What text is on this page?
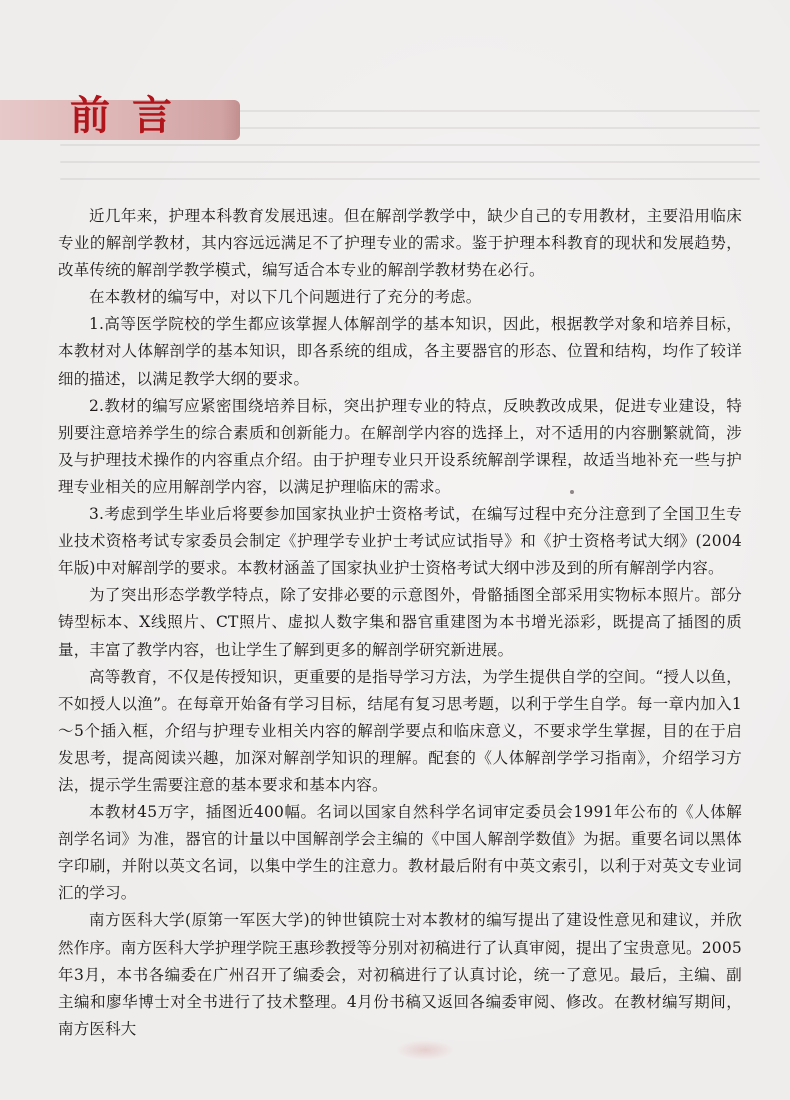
前言

近几年来，护理本科教育发展迅速。但在解剖学教学中，缺少自己的专用教材，主要沿用临床专业的解剖学教材，其内容远远满足不了护理专业的需求。鉴于护理本科教育的现状和发展趋势，改革传统的解剖学教学模式，编写适合本专业的解剖学教材势在必行。

在本教材的编写中，对以下几个问题进行了充分的考虑。

1.高等医学院校的学生都应该掌握人体解剖学的基本知识，因此，根据教学对象和培养目标，本教材对人体解剖学的基本知识，即各系统的组成，各主要器官的形态、位置和结构，均作了较详细的描述，以满足教学大纲的要求。

2.教材的编写应紧密围绕培养目标，突出护理专业的特点，反映教改成果，促进专业建设，特别要注意培养学生的综合素质和创新能力。在解剖学内容的选择上，对不适用的内容删繁就简，涉及与护理技术操作的内容重点介绍。由于护理专业只开设系统解剖学课程，故适当地补充一些与护理专业相关的应用解剖学内容，以满足护理临床的需求。

3.考虑到学生毕业后将要参加国家执业护士资格考试，在编写过程中充分注意到了全国卫生专业技术资格考试专家委员会制定《护理学专业护士考试应试指导》和《护士资格考试大纲》(2004年版)中对解剖学的要求。本教材涵盖了国家执业护士资格考试大纲中涉及到的所有解剖学内容。

为了突出形态学教学特点，除了安排必要的示意图外，骨骼插图全部采用实物标本照片。部分铸型标本、X线照片、CT照片、虚拟人数字集和器官重建图为本书增光添彩，既提高了插图的质量，丰富了教学内容，也让学生了解到更多的解剖学研究新进展。

高等教育，不仅是传授知识，更重要的是指导学习方法，为学生提供自学的空间。“授人以鱼，不如授人以渔”。在每章开始备有学习目标，结尾有复习思考题，以利于学生自学。每一章内加入1～5个插入框，介绍与护理专业相关内容的解剖学要点和临床意义，不要求学生掌握，目的在于启发思考，提高阅读兴趣，加深对解剖学知识的理解。配套的《人体解剖学学习指南》，介绍学习方法，提示学生需要注意的基本要求和基本内容。

本教材45万字，插图近400幅。名词以国家自然科学名词审定委员会1991年公布的《人体解剖学名词》为准，器官的计量以中国解剖学会主编的《中国人解剖学数值》为据。重要名词以黑体字印刷，并附以英文名词，以集中学生的注意力。教材最后附有中英文索引，以利于对英文专业词汇的学习。

南方医科大学(原第一军医大学)的钟世镇院士对本教材的编写提出了建设性意见和建议，并欣然作序。南方医科大学护理学院王惠珍教授等分别对初稿进行了认真审阅，提出了宝贵意见。2005年3月，本书各编委在广州召开了编委会，对初稿进行了认真讨论，统一了意见。最后，主编、副主编和廖华博士对全书进行了技术整理。4月份书稿又返回各编委审阅、修改。在教材编写期间，南方医科大
